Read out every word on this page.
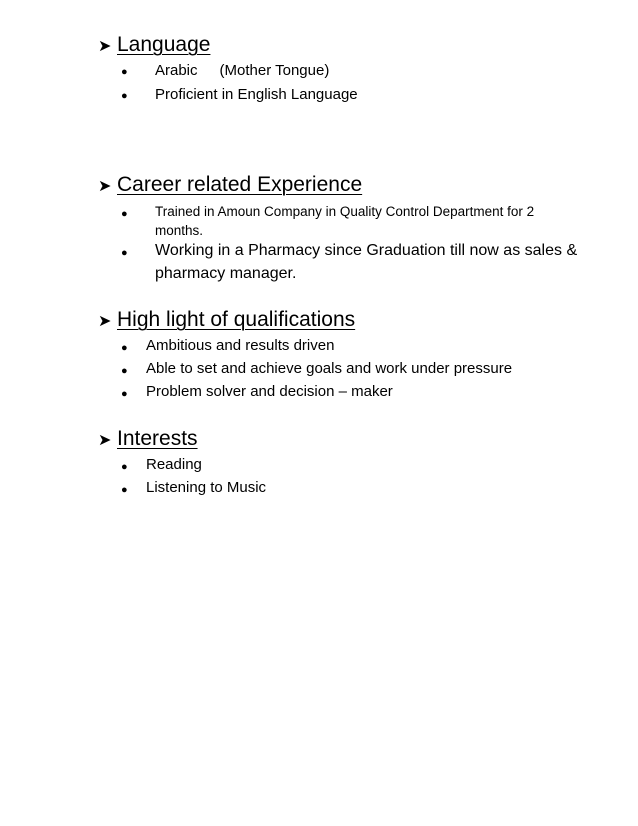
➤ Language
● Arabic (Mother Tongue)
● Proficient in English Language
➤ Career related Experience
● Trained in Amoun Company in Quality Control Department for 2
months.
● Working in a Pharmacy since Graduation till now as sales &
pharmacy manager.
➤ High light of qualifications
● Ambitious and results driven
● Able to set and achieve goals and work under pressure
● Problem solver and decision – maker
➤ Interests
● Reading
● Listening to Music
